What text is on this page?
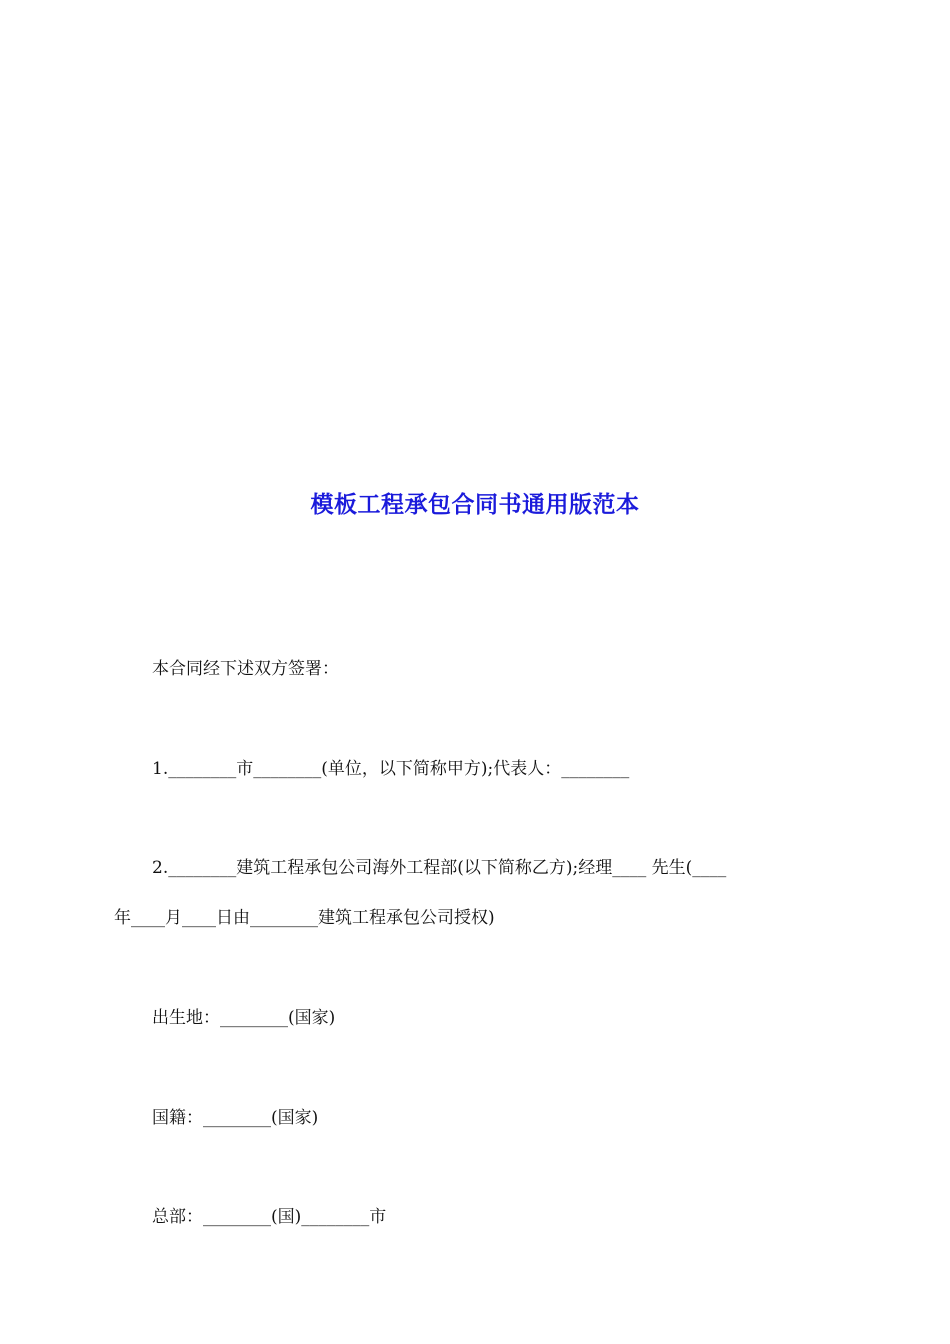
模板工程承包合同书通用版范本

本合同经下述双方签署：

1.________市________(单位，以下简称甲方);代表人：________

2.________建筑工程承包公司海外工程部(以下简称乙方);经理____ 先生(____

年____月____日由________建筑工程承包公司授权)

出生地：________(国家)

国籍：________(国家)

总部：________(国)________市
